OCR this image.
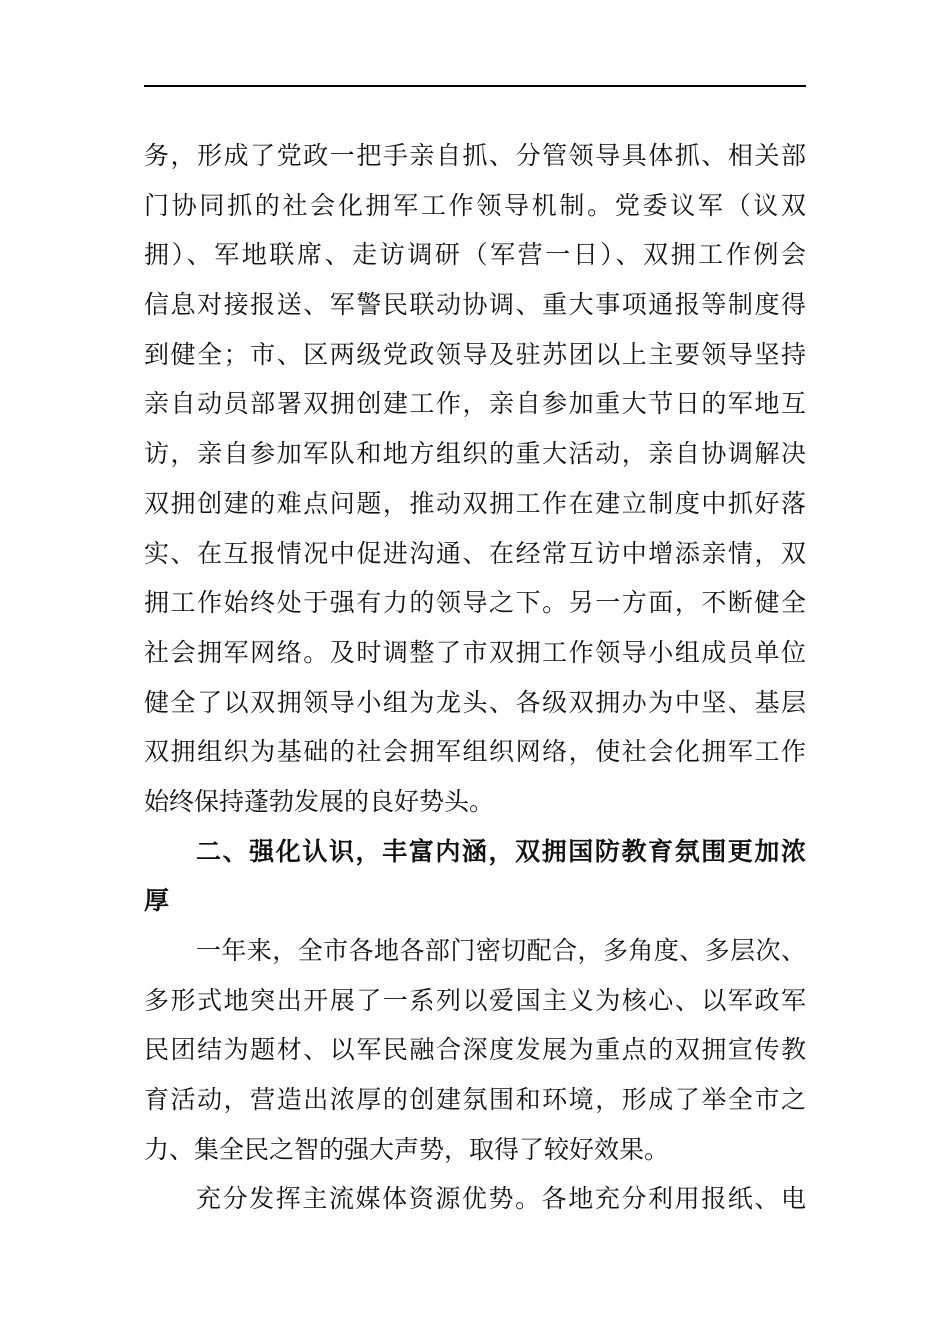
务，形成了党政一把手亲自抓、分管领导具体抓、相关部
门协同抓的社会化拥军工作领导机制。党委议军（议双
拥）、军地联席、走访调研（军营一日）、双拥工作例会
信息对接报送、军警民联动协调、重大事项通报等制度得
到健全；市、区两级党政领导及驻苏团以上主要领导坚持
亲自动员部署双拥创建工作，亲自参加重大节日的军地互
访，亲自参加军队和地方组织的重大活动，亲自协调解决
双拥创建的难点问题，推动双拥工作在建立制度中抓好落
实、在互报情况中促进沟通、在经常互访中增添亲情，双
拥工作始终处于强有力的领导之下。另一方面，不断健全
社会拥军网络。及时调整了市双拥工作领导小组成员单位
健全了以双拥领导小组为龙头、各级双拥办为中坚、基层
双拥组织为基础的社会拥军组织网络，使社会化拥军工作
始终保持蓬勃发展的良好势头。
二、强化认识，丰富内涵，双拥国防教育氛围更加浓
厚
一年来，全市各地各部门密切配合，多角度、多层次、
多形式地突出开展了一系列以爱国主义为核心、以军政军
民团结为题材、以军民融合深度发展为重点的双拥宣传教
育活动，营造出浓厚的创建氛围和环境，形成了举全市之
力、集全民之智的强大声势，取得了较好效果。
充分发挥主流媒体资源优势。各地充分利用报纸、电
